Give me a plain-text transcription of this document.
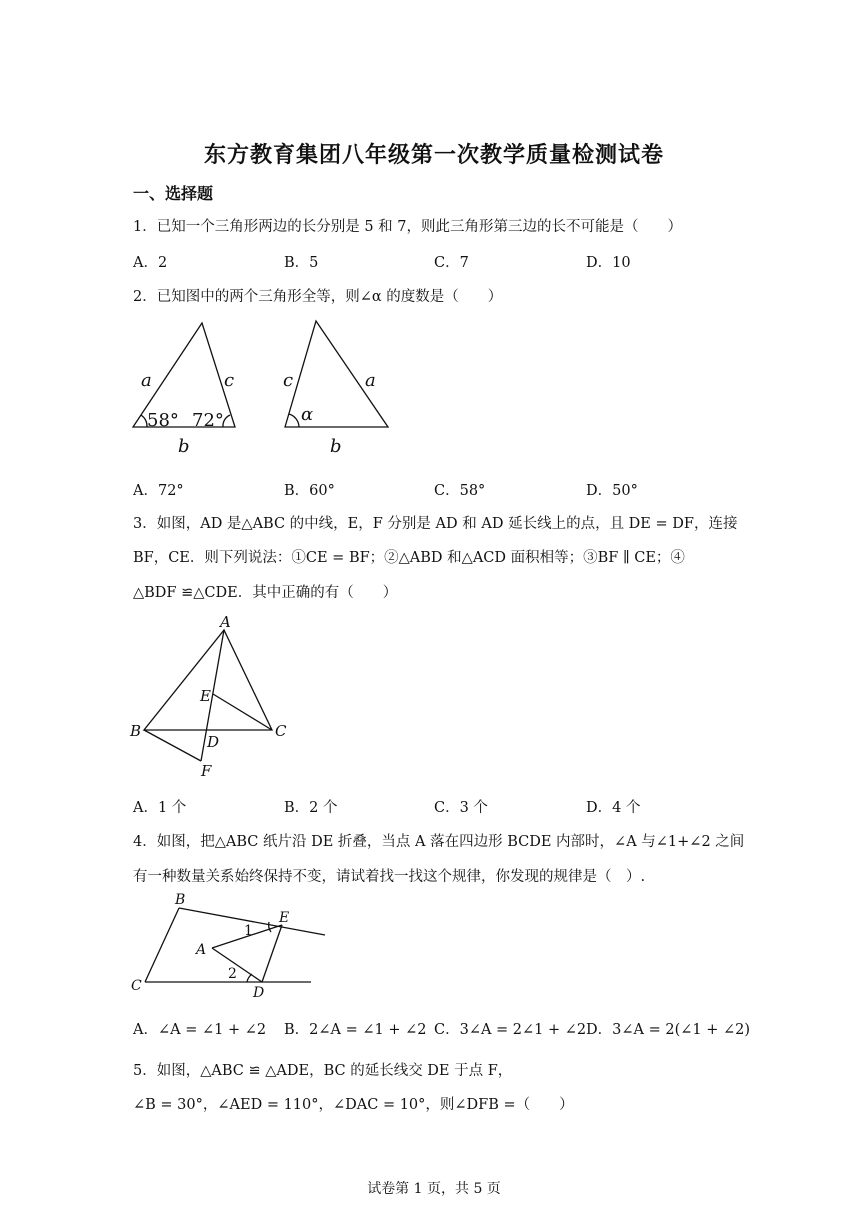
东方教育集团八年级第一次教学质量检测试卷
一、选择题
1．已知一个三角形两边的长分别是 5 和 7，则此三角形第三边的长不可能是（　　）
A．2	B．5	C．7	D．10
2．已知图中的两个三角形全等，则∠α 的度数是（　　）
a	c
b
58° 72°
c	a
b
α
A．72°	B．60°	C．58°	D．50°
3．如图，AD 是△ABC 的中线，E，F 分别是 AD 和 AD 延长线上的点，且 DE = DF，连接
BF，CE．则下列说法：①CE = BF；②△ABD 和△ACD 面积相等；③BF ∥ CE；④
△BDF ≌△CDE．其中正确的有（　　）
A
B	C
D
E
F
A．1 个	B．2 个	C．3 个	D．4 个
4．如图，把△ABC 纸片沿 DE 折叠，当点 A 落在四边形 BCDE 内部时，∠A 与∠1+∠2 之间
有一种数量关系始终保持不变，请试着找一找这个规律，你发现的规律是（　）.
B
C	D
E
A
1
2
A．∠A = ∠1 + ∠2 B．2∠A = ∠1 + ∠2 C．3∠A = 2∠1 + ∠2 D．3∠A = 2(∠1 + ∠2)
5．如图，△ABC ≌ △ADE，BC 的延长线交 DE 于点 F，
∠B = 30°，∠AED = 110°，∠DAC = 10°，则∠DFB =（　　）
试卷第 1 页，共 5 页
